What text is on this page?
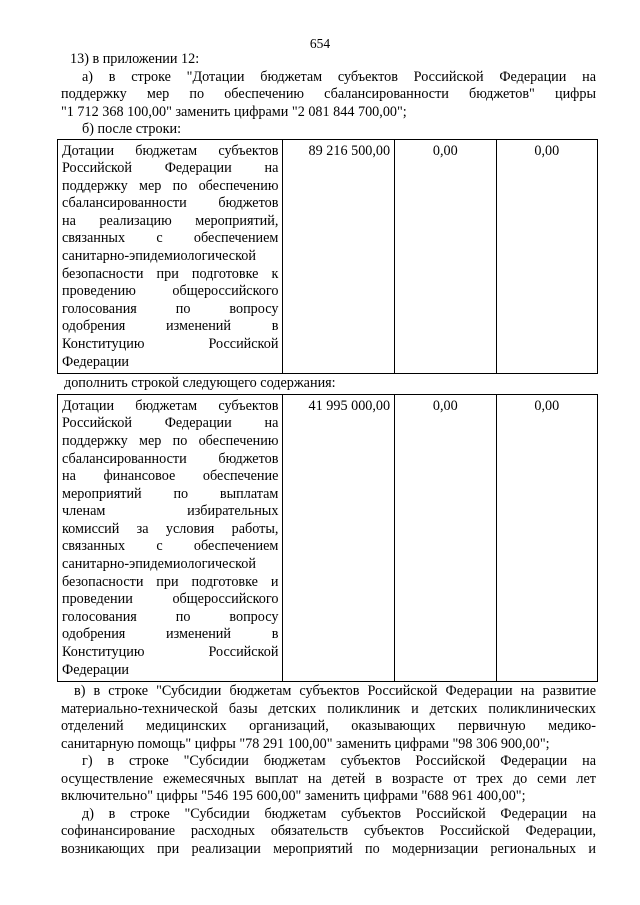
654
13) в приложении 12:
а) в строке "Дотации бюджетам субъектов Российской Федерации на
поддержку мер по обеспечению сбалансированности бюджетов" цифры
"1 712 368 100,00" заменить цифрами "2 081 844 700,00";
б) после строки:
Дотации бюджетам субъектов
Российской Федерации на
поддержку мер по обеспечению
сбалансированности бюджетов
на реализацию мероприятий,
связанных с обеспечением
санитарно-эпидемиологической
безопасности при подготовке к
проведению общероссийского
голосования по вопросу
одобрения изменений в
Конституцию Российской
Федерации
	89 216 500,00	0,00	0,00
дополнить строкой следующего содержания:
Дотации бюджетам субъектов
Российской Федерации на
поддержку мер по обеспечению
сбалансированности бюджетов
на финансовое обеспечение
мероприятий по выплатам
членам избирательных
комиссий за условия работы,
связанных с обеспечением
санитарно-эпидемиологической
безопасности при подготовке и
проведении общероссийского
голосования по вопросу
одобрения изменений в
Конституцию Российской
Федерации
	41 995 000,00	0,00	0,00
в) в строке "Субсидии бюджетам субъектов Российской Федерации на развитие
материально-технической базы детских поликлиник и детских поликлинических
отделений медицинских организаций, оказывающих первичную медико-
санитарную помощь" цифры "78 291 100,00" заменить цифрами "98 306 900,00";
г) в строке "Субсидии бюджетам субъектов Российской Федерации на
осуществление ежемесячных выплат на детей в возрасте от трех до семи лет
включительно" цифры "546 195 600,00" заменить цифрами "688 961 400,00";
д) в строке "Субсидии бюджетам субъектов Российской Федерации на
софинансирование расходных обязательств субъектов Российской Федерации,
возникающих при реализации мероприятий по модернизации региональных и
